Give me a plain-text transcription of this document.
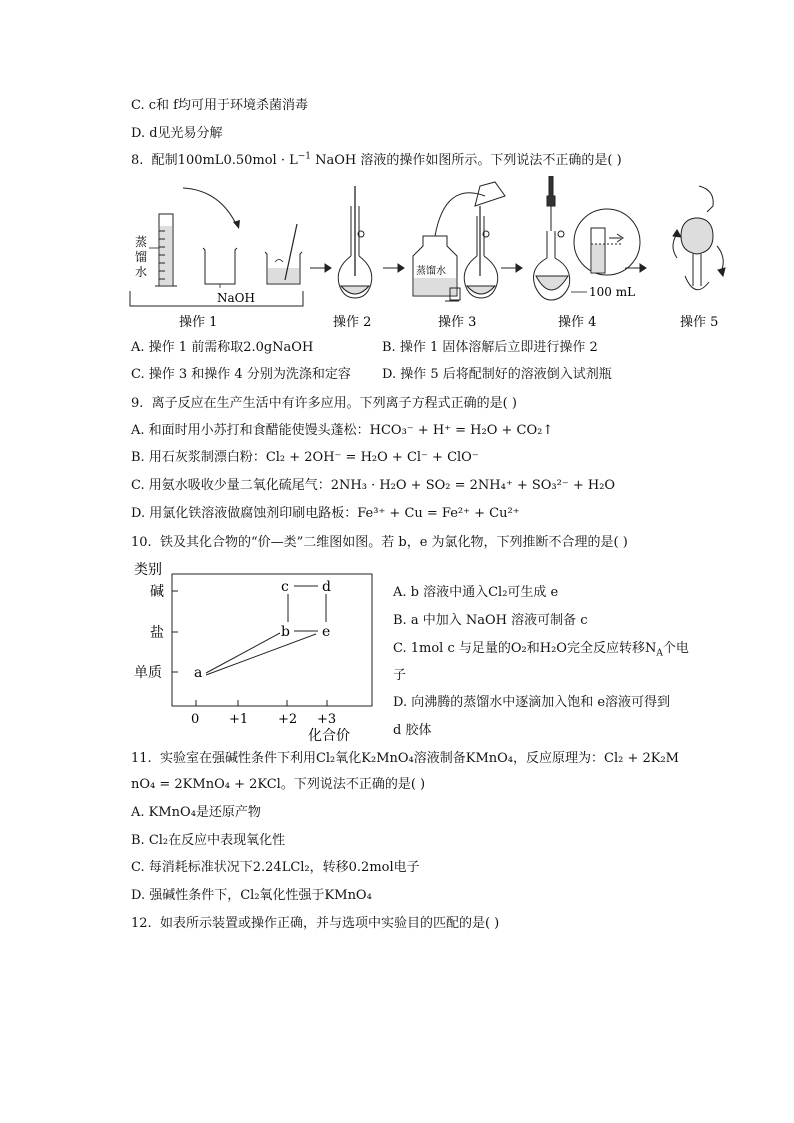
C. c和 f均可用于环境杀菌消毒
D. d见光易分解
8. 配制$100mL0.50mol \cdot L^{-1}$ NaOH 溶液的操作如图所示。下列说法不正确的是( )
蒸
馏
水
NaOH
蒸馏水
100 mL
操作 1	操作 2	操作 3	操作 4	操作 5
A. 操作 1 前需称取2.0gNaOH	B. 操作 1 固体溶解后立即进行操作 2
C. 操作 3 和操作 4 分别为洗涤和定容 D. 操作 5 后将配制好的溶液倒入试剂瓶
9. 离子反应在生产生活中有许多应用。下列离子方程式正确的是( )
A. 和面时用小苏打和食醋能使馒头蓬松：HCO₃⁻ + H⁺ = H₂O + CO₂↑
B. 用石灰浆制漂白粉：Cl₂ + 2OH⁻ = H₂O + Cl⁻ + ClO⁻
C. 用氨水吸收少量二氧化硫尾气：2NH₃ · H₂O + SO₂ = 2NH₄⁺ + SO₃²⁻ + H₂O
D. 用氯化铁溶液做腐蚀剂印刷电路板：Fe³⁺ + Cu = Fe²⁺ + Cu²⁺
10. 铁及其化合物的“价—类”二维图如图。若 b，e 为氯化物，下列推断不合理的是( )
类别
碱
盐
单质
0 +1 +2 +3
化合价
a
b
c d
e
A. b 溶液中通入Cl₂可生成 e
B. a 中加入 NaOH 溶液可制备 c
C. 1mol c 与足量的O₂和H₂O完全反应转移$N_A$个电
子
D. 向沸腾的蒸馏水中逐滴加入饱和 e溶液可得到
d 胶体
11. 实验室在强碱性条件下利用Cl₂氧化K₂MnO₄溶液制备KMnO₄，反应原理为：Cl₂ + 2K₂M
nO₄ = 2KMnO₄ + 2KCl。下列说法不正确的是( )
A. KMnO₄是还原产物
B. Cl₂在反应中表现氧化性
C. 每消耗标准状况下2.24LCl₂，转移0.2mol电子
D. 强碱性条件下，Cl₂氧化性强于KMnO₄
12. 如表所示装置或操作正确，并与选项中实验目的匹配的是( )
